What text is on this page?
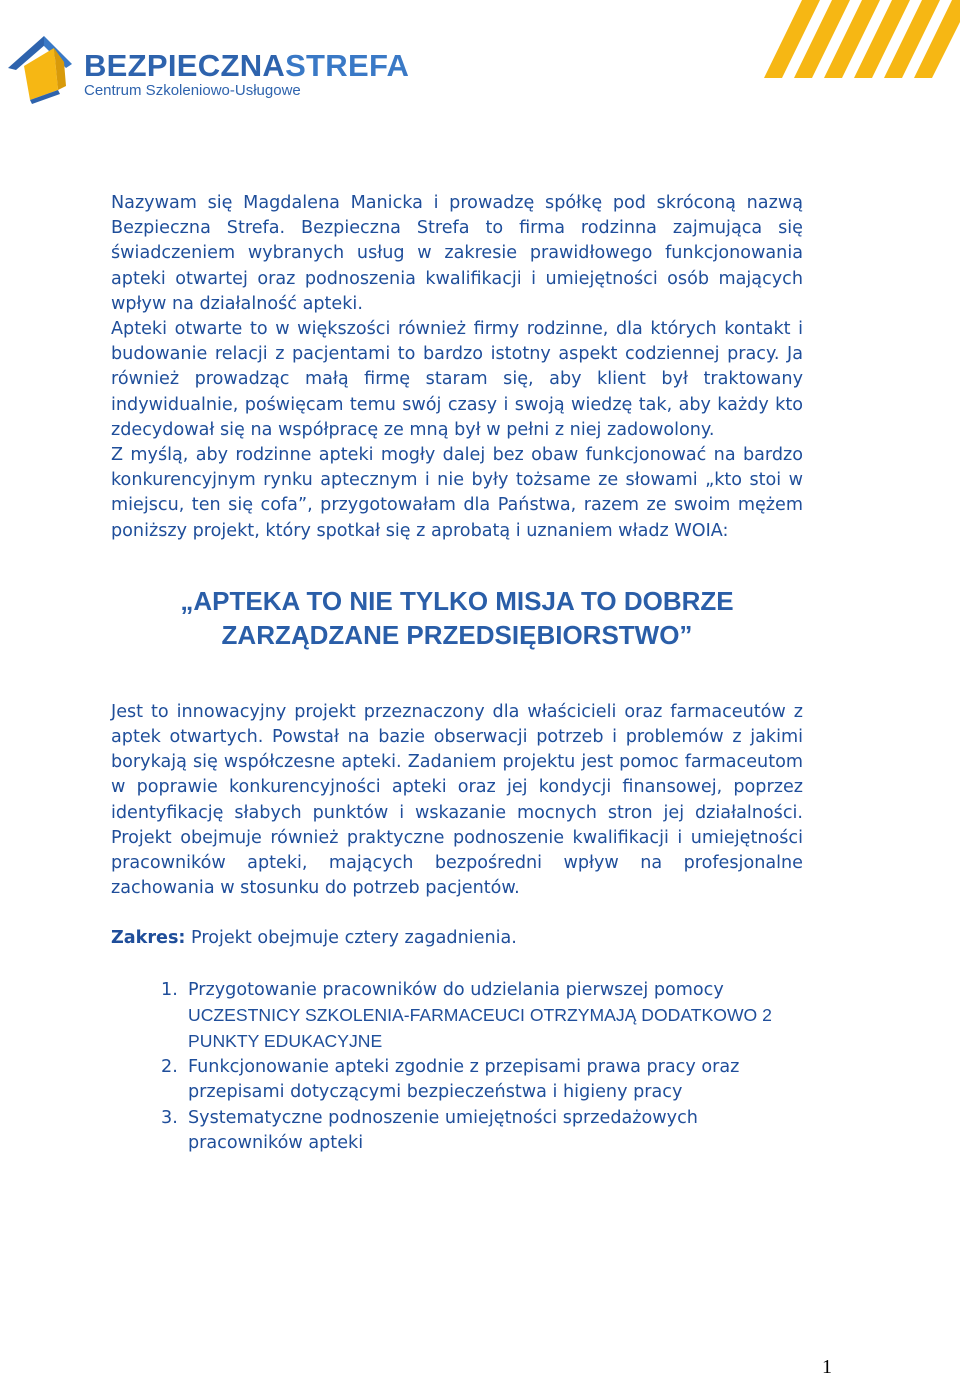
BEZPIECZNASTREFA
Centrum Szkoleniowo-Usługowe

Nazywam się Magdalena Manicka i prowadzę spółkę pod skróconą nazwą Bezpieczna Strefa. Bezpieczna Strefa to firma rodzinna zajmująca się świadczeniem wybranych usług w zakresie prawidłowego funkcjonowania apteki otwartej oraz podnoszenia kwalifikacji i umiejętności osób mających wpływ na działalność apteki.

Apteki otwarte to w większości również firmy rodzinne, dla których kontakt i budowanie relacji z pacjentami to bardzo istotny aspekt codziennej pracy. Ja również prowadząc małą firmę staram się, aby klient był traktowany indywidualnie, poświęcam temu swój czasy i swoją wiedzę tak, aby każdy kto zdecydował się na współpracę ze mną był w pełni z niej zadowolony.

Z myślą, aby rodzinne apteki mogły dalej bez obaw funkcjonować na bardzo konkurencyjnym rynku aptecznym i nie były tożsame ze słowami „kto stoi w miejscu, ten się cofa”, przygotowałam dla Państwa, razem ze swoim mężem poniższy projekt, który spotkał się z aprobatą i uznaniem władz WOIA:

„APTEKA TO NIE TYLKO MISJA TO DOBRZE
ZARZĄDZANE PRZEDSIĘBIORSTWO”

Jest to innowacyjny projekt przeznaczony dla właścicieli oraz farmaceutów z aptek otwartych. Powstał na bazie obserwacji potrzeb i problemów z jakimi borykają się współczesne apteki. Zadaniem projektu jest pomoc farmaceutom w poprawie konkurencyjności apteki oraz jej kondycji finansowej, poprzez identyfikację słabych punktów i wskazanie mocnych stron jej działalności. Projekt obejmuje również praktyczne podnoszenie kwalifikacji i umiejętności pracowników apteki, mających bezpośredni wpływ na profesjonalne zachowania w stosunku do potrzeb pacjentów.

Zakres: Projekt obejmuje cztery zagadnienia.
1. Przygotowanie pracowników do udzielania pierwszej pomocy
UCZESTNICY SZKOLENIA-FARMACEUCI OTRZYMAJĄ DODATKOWO 2 PUNKTY EDUKACYJNE
2. Funkcjonowanie apteki zgodnie z przepisami prawa pracy oraz przepisami dotyczącymi bezpieczeństwa i higieny pracy
3. Systematyczne podnoszenie umiejętności sprzedażowych pracowników apteki
1
